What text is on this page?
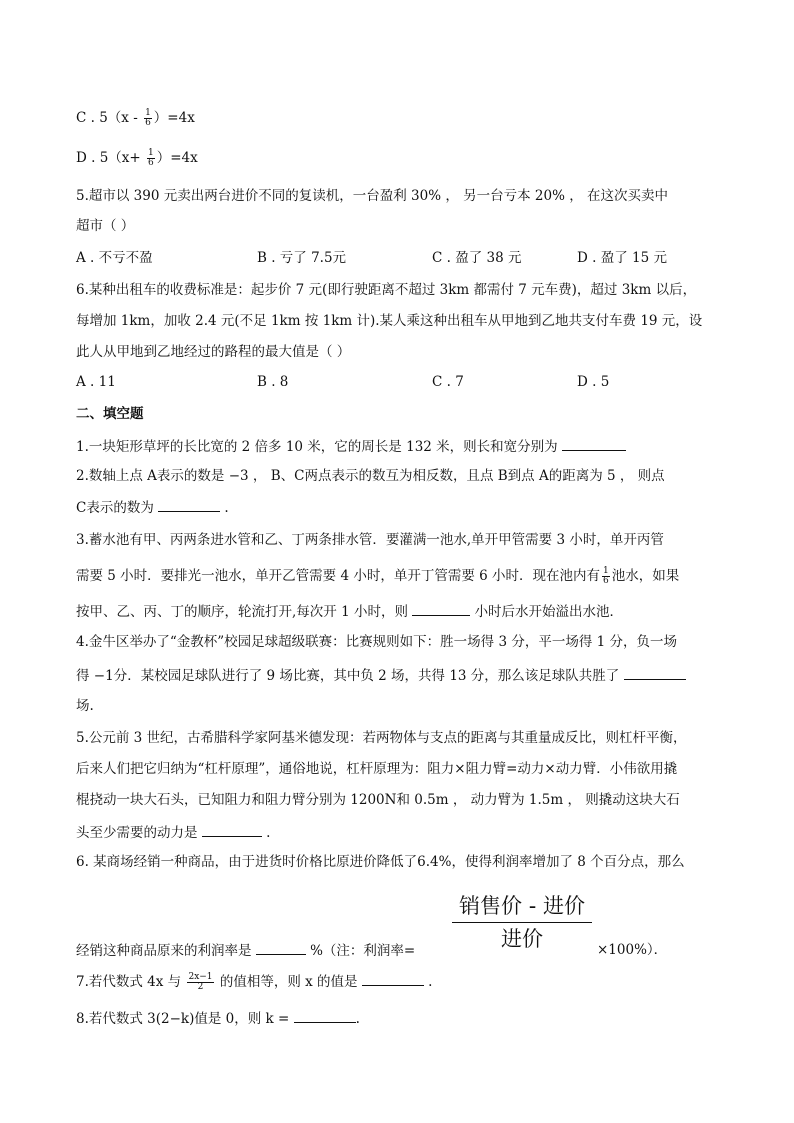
C . $5(x - \frac{1}{6} )=4x$
D . $5(x+ \frac{1}{6} )=4x$
5.超市以 390 元卖出两台进价不同的复读机，一台盈利 30% ， 另一台亏本 20% ， 在这次买卖中
超市（ ）
A . 不亏不盈	B . 亏了 7.5元	C . 盈了 38 元	D . 盈了 15 元
6.某种出租车的收费标准是：起步价 7 元(即行驶距离不超过 3km 都需付 7 元车费)，超过 3km 以后，
每增加 1km，加收 2.4 元(不足 1km 按 1km 计).某人乘这种出租车从甲地到乙地共支付车费 19 元，设
此人从甲地到乙地经过的路程的最大值是（ ）
A . 11	B . 8	C . 7	D . 5
二、填空题
1.一块矩形草坪的长比宽的 2 倍多 10 米，它的周长是 132 米，则长和宽分别为
2.数轴上点 A表示的数是 −3 ， B、C两点表示的数互为相反数，且点 B到点 A的距离为 5 ， 则点
C表示的数为	.
3.蓄水池有甲、丙两条进水管和乙、丁两条排水管．要灌满一池水,单开甲管需要 3 小时，单开丙管
需要 5 小时．要排光一池水，单开乙管需要 4 小时，单开丁管需要 6 小时．现在池内有 $\frac{1}{6}$ 池水，如果
按甲、乙、丙、丁的顺序，轮流打开,每次开 1 小时，则	小时后水开始溢出水池．
4.金牛区举办了“金教杯”校园足球超级联赛：比赛规则如下：胜一场得 3 分，平一场得 1 分，负一场
得 −1分．某校园足球队进行了 9 场比赛，其中负 2 场，共得 13 分，那么该足球队共胜了
场.
5.公元前 3 世纪，古希腊科学家阿基米德发现：若两物体与支点的距离与其重量成反比，则杠杆平衡，
后来人们把它归纳为“杠杆原理”，通俗地说，杠杆原理为：阻力×阻力臂=动力×动力臂．小伟欲用撬
棍挠动一块大石头，已知阻力和阻力臂分别为 1200N和 0.5m ， 动力臂为 1.5m ， 则撬动这块大石
头至少需要的动力是	.
6. 某商场经销一种商品，由于进货时价格比原进价降低了6.4%，使得利润率增加了 8 个百分点，那么
销售价 - 进价
进价
经销这种商品原来的利润率是	%（注：利润率=	×100%）．
7.若代数式 4x 与 $\frac{2x-1}{2}$ 的值相等，则 x 的值是	.
8.若代数式 3(2−k)值是 0，则 k =	.
